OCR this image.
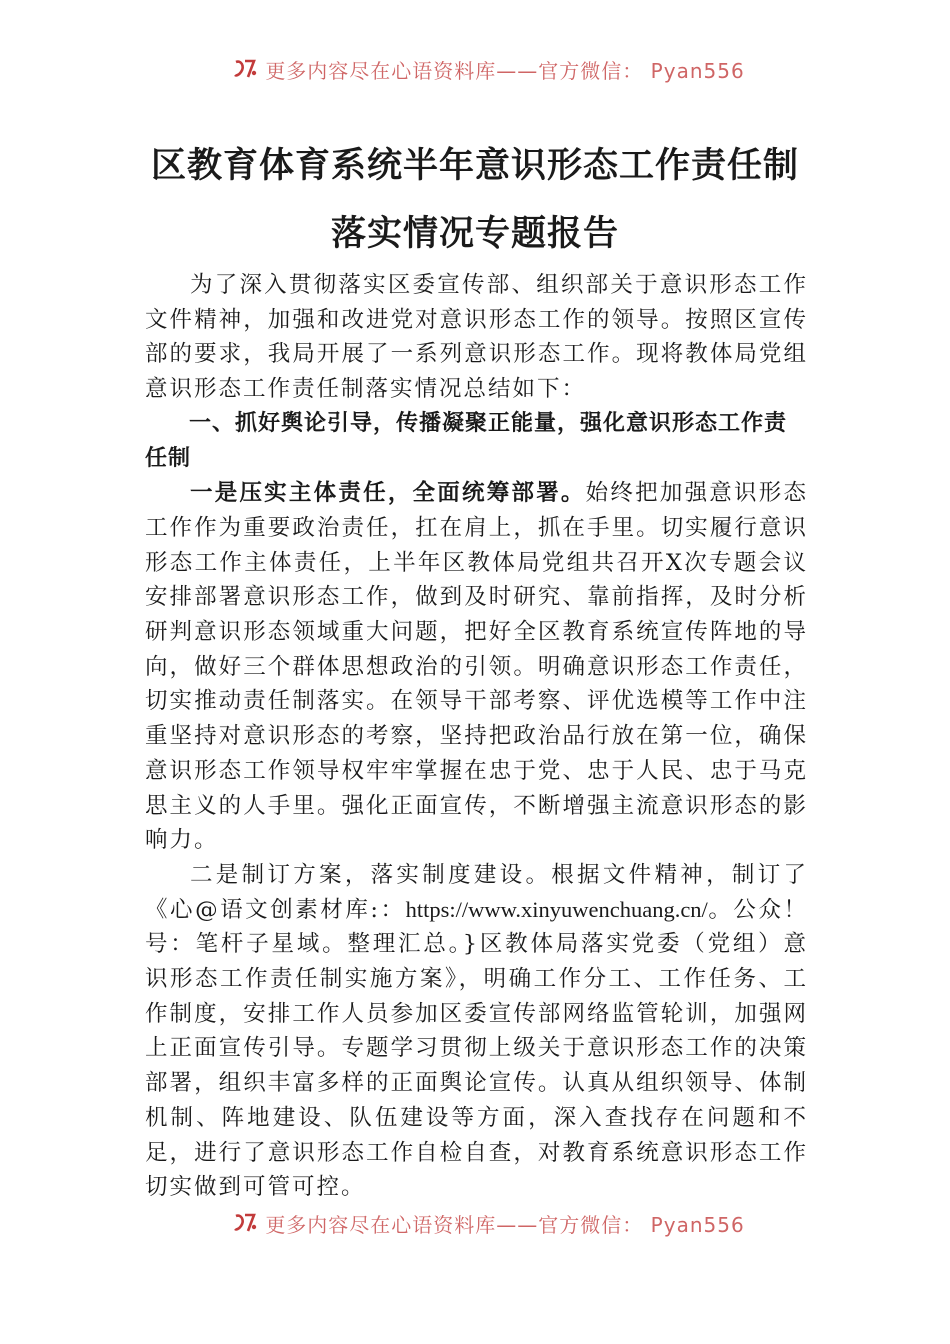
更多内容尽在心语资料库——官方微信： Pyan556
区教育体育系统半年意识形态工作责任制
落实情况专题报告

为了深入贯彻落实区委宣传部、组织部关于意识形态工作文件精神，加强和改进党对意识形态工作的领导。按照区宣传部的要求，我局开展了一系列意识形态工作。现将教体局党组意识形态工作责任制落实情况总结如下：

一、抓好舆论引导，传播凝聚正能量，强化意识形态工作责任制

一是压实主体责任，全面统筹部署。始终把加强意识形态工作作为重要政治责任，扛在肩上，抓在手里。切实履行意识形态工作主体责任，上半年区教体局党组共召开X次专题会议安排部署意识形态工作，做到及时研究、靠前指挥，及时分析研判意识形态领域重大问题，把好全区教育系统宣传阵地的导向，做好三个群体思想政治的引领。明确意识形态工作责任，切实推动责任制落实。在领导干部考察、评优选模等工作中注重坚持对意识形态的考察，坚持把政治品行放在第一位，确保意识形态工作领导权牢牢掌握在忠于党、忠于人民、忠于马克思主义的人手里。强化正面宣传，不断增强主流意识形态的影响力。

二是制订方案，落实制度建设。根据文件精神，制订了《心@语文创素材库:：https://www.xinyuwenchuang.cn/。公众！号：笔杆子星域。整理汇总。}区教体局落实党委（党组）意识形态工作责任制实施方案》，明确工作分工、工作任务、工作制度，安排工作人员参加区委宣传部网络监管轮训，加强网上正面宣传引导。专题学习贯彻上级关于意识形态工作的决策部署，组织丰富多样的正面舆论宣传。认真从组织领导、体制机制、阵地建设、队伍建设等方面，深入查找存在问题和不足，进行了意识形态工作自检自查，对教育系统意识形态工作切实做到可管可控。

更多内容尽在心语资料库——官方微信： Pyan556
